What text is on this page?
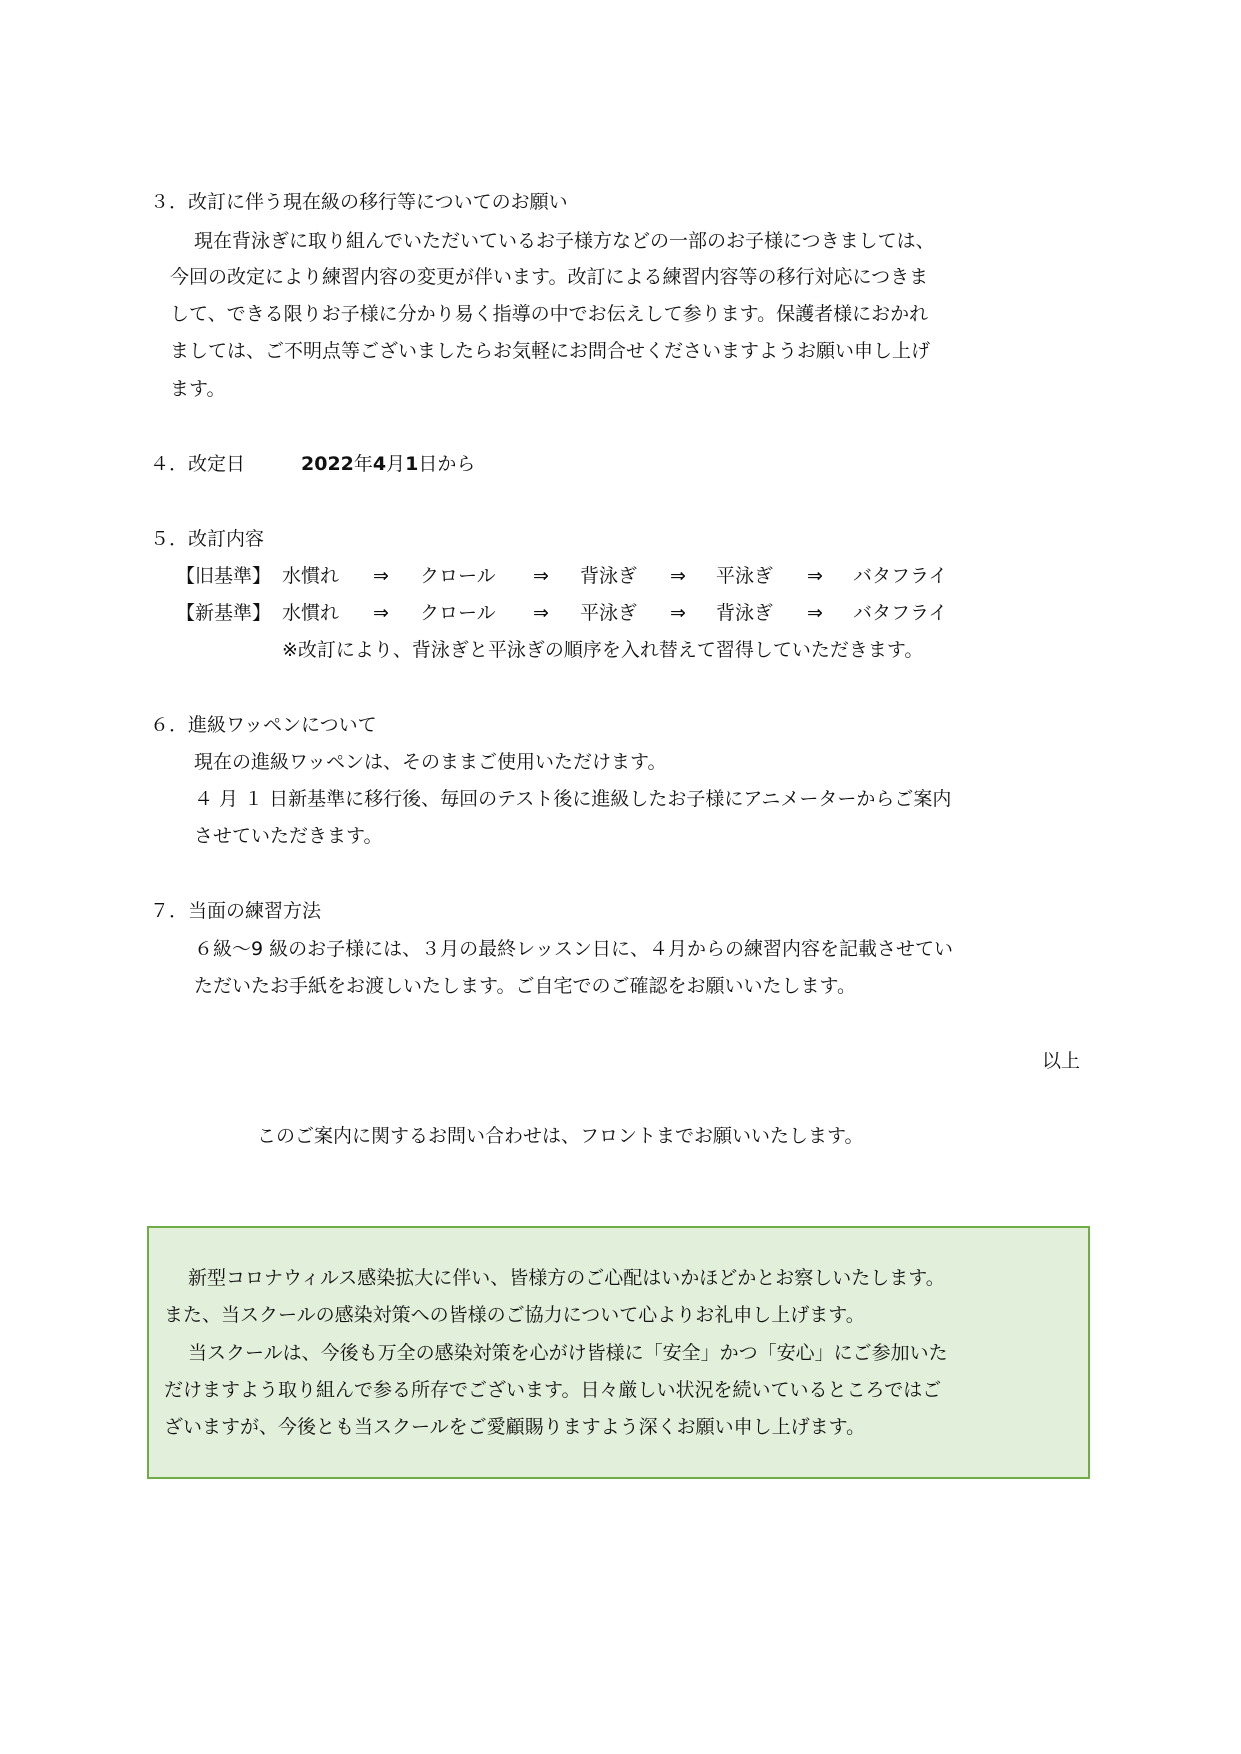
３．改訂に伴う現在級の移行等についてのお願い
現在背泳ぎに取り組んでいただいているお子様方などの一部のお子様につきましては、
今回の改定により練習内容の変更が伴います。改訂による練習内容等の移行対応につきま
して、できる限りお子様に分かり易く指導の中でお伝えして参ります。保護者様におかれ
ましては、ご不明点等ございましたらお気軽にお問合せくださいますようお願い申し上げ
ます。
４．改定日	2022年4月1日から
５．改訂内容
【旧基準】 水慣れ ⇒ クロール ⇒ 背泳ぎ ⇒ 平泳ぎ ⇒ バタフライ
【新基準】 水慣れ ⇒ クロール ⇒ 平泳ぎ ⇒ 背泳ぎ ⇒ バタフライ
※改訂により、背泳ぎと平泳ぎの順序を入れ替えて習得していただきます。
６．進級ワッペンについて
現在の進級ワッペンは、そのままご使用いただけます。
４ 月 １ 日新基準に移行後、毎回のテスト後に進級したお子様にアニメーターからご案内
させていただきます。
７．当面の練習方法
６級～9 級のお子様には、３月の最終レッスン日に、４月からの練習内容を記載させてい
ただいたお手紙をお渡しいたします。ご自宅でのご確認をお願いいたします。
以上
このご案内に関するお問い合わせは、フロントまでお願いいたします。
新型コロナウィルス感染拡大に伴い、皆様方のご心配はいかほどかとお察しいたします。
また、当スクールの感染対策への皆様のご協力について心よりお礼申し上げます。
当スクールは、今後も万全の感染対策を心がけ皆様に「安全」かつ「安心」にご参加いた
だけますよう取り組んで参る所存でございます。日々厳しい状況を続いているところではご
ざいますが、今後とも当スクールをご愛顧賜りますよう深くお願い申し上げます。
